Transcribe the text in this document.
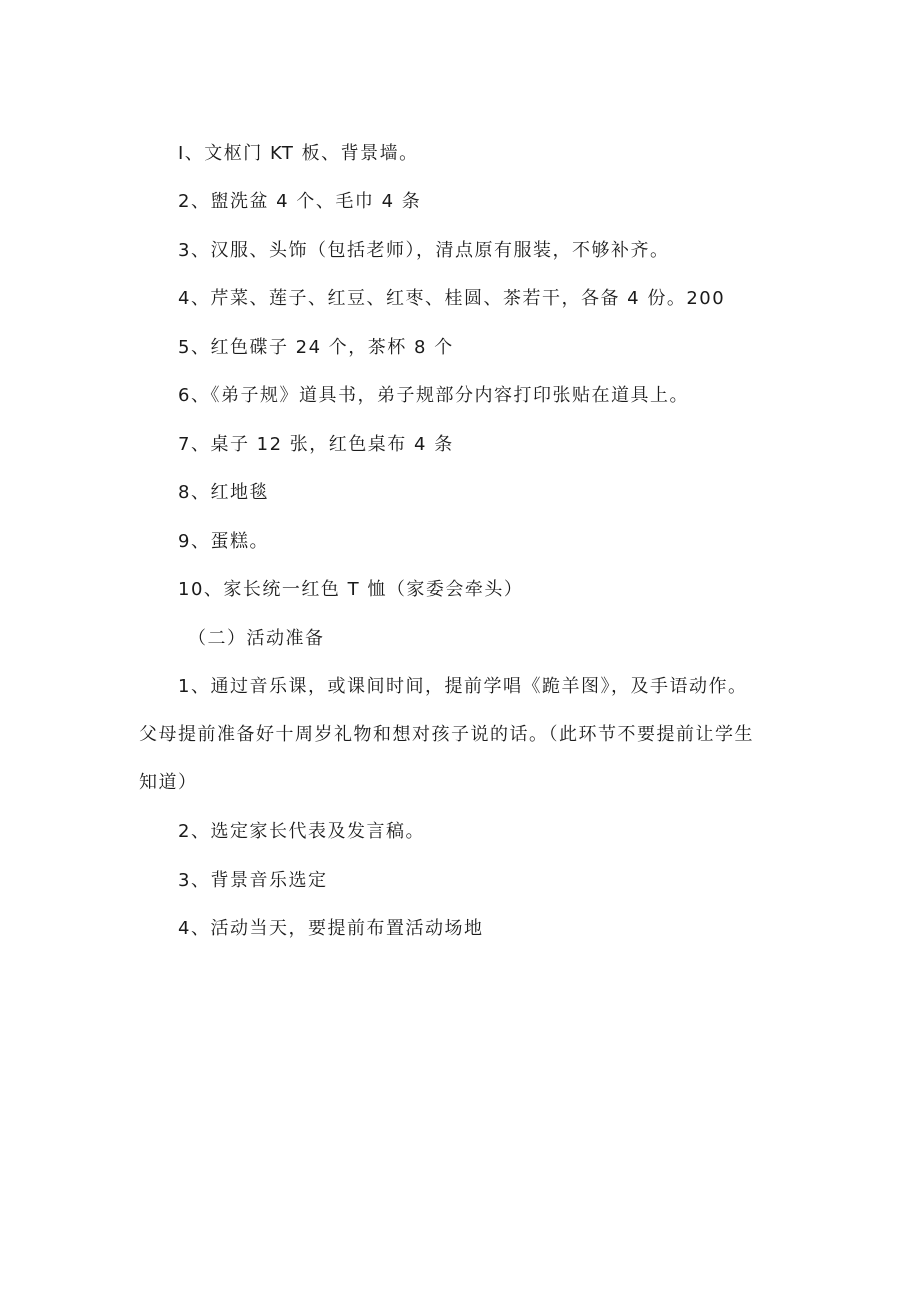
I、文枢门 KT 板、背景墙。
2、盥洗盆 4 个、毛巾 4 条
3、汉服、头饰（包括老师），清点原有服装，不够补齐。
4、芹菜、莲子、红豆、红枣、桂圆、茶若干，各备 4 份。200
5、红色碟子 24 个，茶杯 8 个
6、《弟子规》道具书，弟子规部分内容打印张贴在道具上。
7、桌子 12 张，红色桌布 4 条
8、红地毯
9、蛋糕。
10、家长统一红色 T 恤（家委会牵头）
（二）活动准备
1、通过音乐课，或课间时间，提前学唱《跪羊图》，及手语动作。
父母提前准备好十周岁礼物和想对孩子说的话。（此环节不要提前让学生
知道）
2、选定家长代表及发言稿。
3、背景音乐选定
4、活动当天，要提前布置活动场地
